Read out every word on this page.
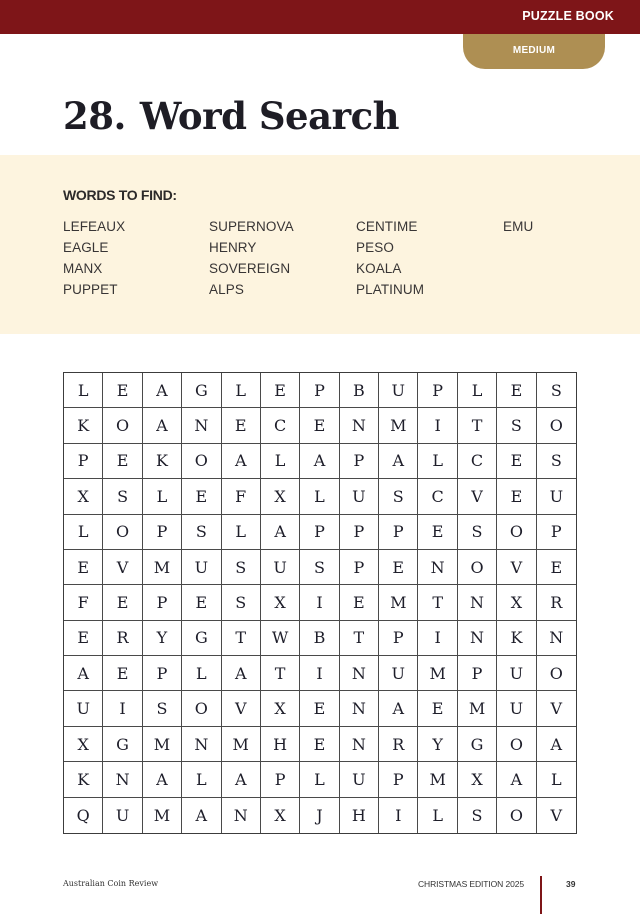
PUZZLE BOOK
MEDIUM
28. Word Search
WORDS TO FIND:
LEFEAUX	SUPERNOVA	CENTIME	EMU
EAGLE	HENRY	PESO
MANX	SOVEREIGN	KOALA
PUPPET	ALPS	PLATINUM
L	E	A	G	L	E	P	B	U	P	L	E	S
K	O	A	N	E	C	E	N	M	I	T	S	O
P	E	K	O	A	L	A	P	A	L	C	E	S
X	S	L	E	F	X	L	U	S	C	V	E	U
L	O	P	S	L	A	P	P	P	E	S	O	P
E	V	M	U	S	U	S	P	E	N	O	V	E
F	E	P	E	S	X	I	E	M	T	N	X	R
E	R	Y	G	T	W	B	T	P	I	N	K	N
A	E	P	L	A	T	I	N	U	M	P	U	O
U	I	S	O	V	X	E	N	A	E	M	U	V
X	G	M	N	M	H	E	N	R	Y	G	O	A
K	N	A	L	A	P	L	U	P	M	X	A	L
Q	U	M	A	N	X	J	H	I	L	S	O	V
Australian Coin Review	CHRISTMAS EDITION 2025	39
